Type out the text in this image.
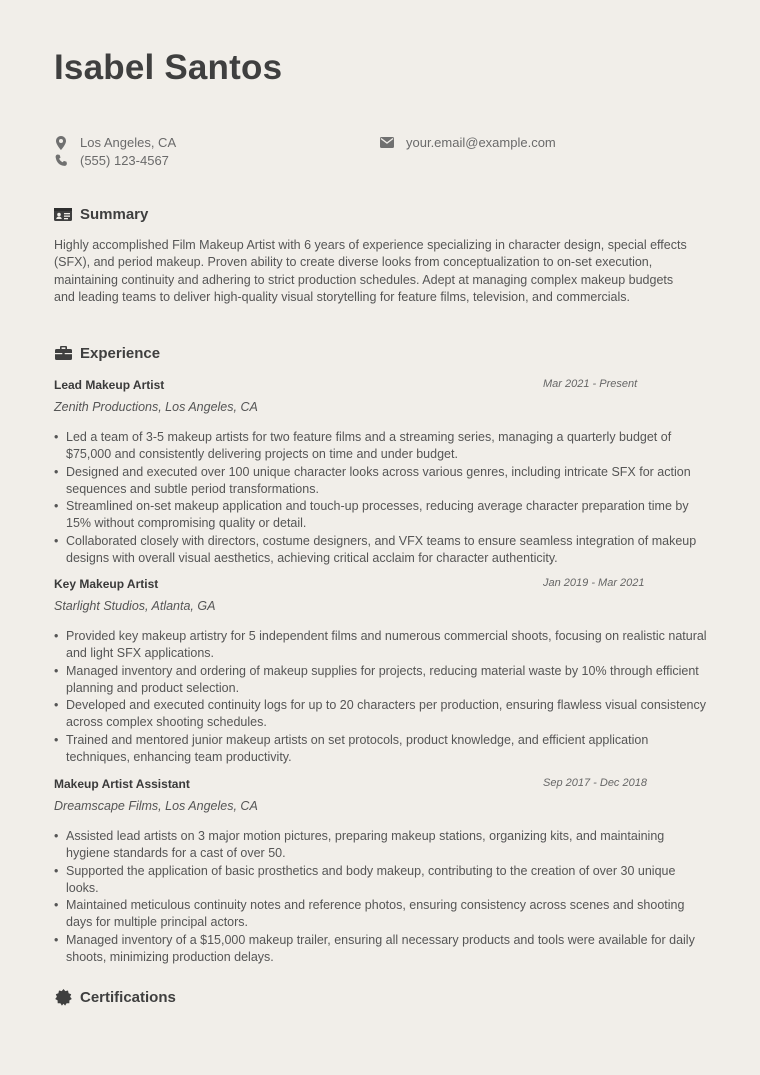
Isabel Santos
Los Angeles, CA
(555) 123-4567
your.email@example.com
Summary

Highly accomplished Film Makeup Artist with 6 years of experience specializing in character design, special effects (SFX), and period makeup. Proven ability to create diverse looks from conceptualization to on-set execution, maintaining continuity and adhering to strict production schedules. Adept at managing complex makeup budgets and leading teams to deliver high-quality visual storytelling for feature films, television, and commercials.

Experience
Lead Makeup Artist	Mar 2021 - Present
Zenith Productions, Los Angeles, CA
• Led a team of 3-5 makeup artists for two feature films and a streaming series, managing a quarterly budget of $75,000 and consistently delivering projects on time and under budget.
• Designed and executed over 100 unique character looks across various genres, including intricate SFX for action sequences and subtle period transformations.
• Streamlined on-set makeup application and touch-up processes, reducing average character preparation time by 15% without compromising quality or detail.
• Collaborated closely with directors, costume designers, and VFX teams to ensure seamless integration of makeup designs with overall visual aesthetics, achieving critical acclaim for character authenticity.
Key Makeup Artist	Jan 2019 - Mar 2021
Starlight Studios, Atlanta, GA
• Provided key makeup artistry for 5 independent films and numerous commercial shoots, focusing on realistic natural and light SFX applications.
• Managed inventory and ordering of makeup supplies for projects, reducing material waste by 10% through efficient planning and product selection.
• Developed and executed continuity logs for up to 20 characters per production, ensuring flawless visual consistency across complex shooting schedules.
• Trained and mentored junior makeup artists on set protocols, product knowledge, and efficient application techniques, enhancing team productivity.
Makeup Artist Assistant	Sep 2017 - Dec 2018
Dreamscape Films, Los Angeles, CA
• Assisted lead artists on 3 major motion pictures, preparing makeup stations, organizing kits, and maintaining hygiene standards for a cast of over 50.
• Supported the application of basic prosthetics and body makeup, contributing to the creation of over 30 unique looks.
• Maintained meticulous continuity notes and reference photos, ensuring consistency across scenes and shooting days for multiple principal actors.
• Managed inventory of a $15,000 makeup trailer, ensuring all necessary products and tools were available for daily shoots, minimizing production delays.
Certifications
